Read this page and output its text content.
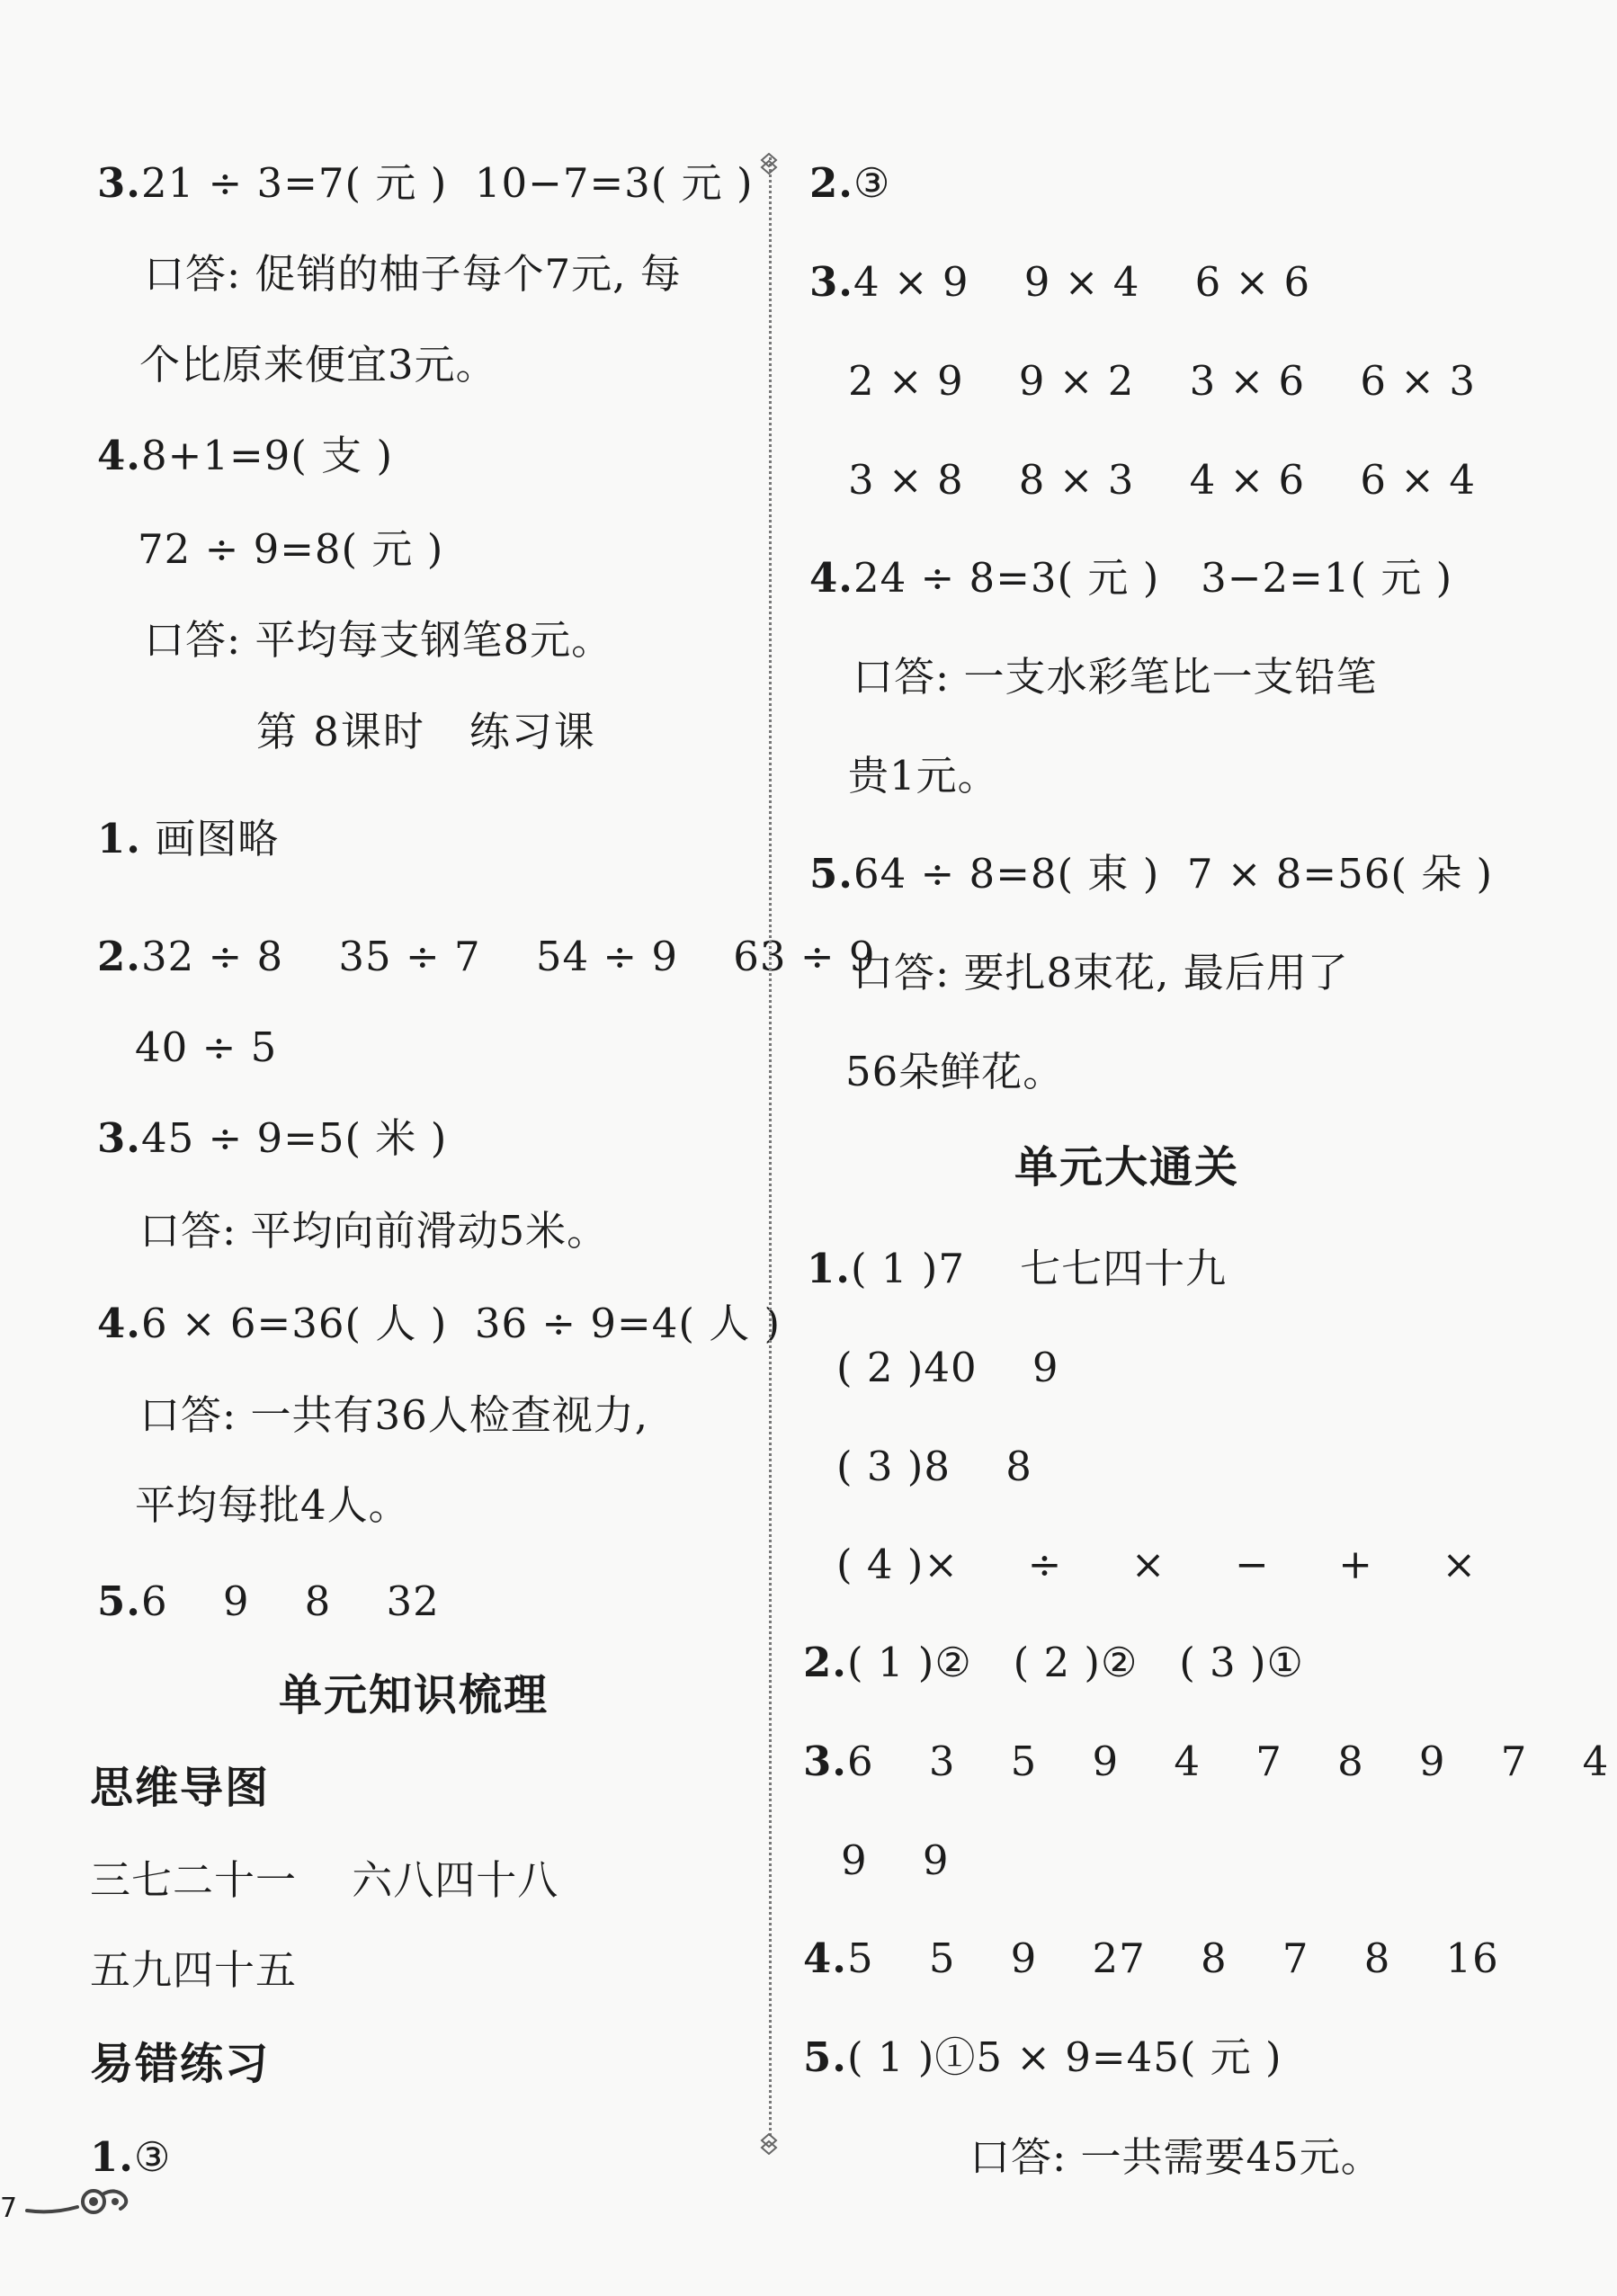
3.21 ÷ 3=7( 元 )  10−7=3( 元 )
口答: 促销的柚子每个7元, 每
个比原来便宜3元。
4.8+1=9( 支 )
72 ÷ 9=8( 元 )
口答: 平均每支钢笔8元。
第 8课时   练习课
1. 画图略
2.32 ÷ 8    35 ÷ 7    54 ÷ 9    63 ÷ 9
40 ÷ 5
3.45 ÷ 9=5( 米 )
口答: 平均向前滑动5米。
4.6 × 6=36( 人 )  36 ÷ 9=4( 人 )
口答: 一共有36人检查视力,
平均每批4人。
5.6    9    8    32
单元知识梳理
思维导图
三七二十一    六八四十八
五九四十五
易错练习
1.③
2.③
3.4 × 9    9 × 4    6 × 6
2 × 9    9 × 2    3 × 6    6 × 3
3 × 8    8 × 3    4 × 6    6 × 4
4.24 ÷ 8=3( 元 )   3−2=1( 元 )
口答: 一支水彩笔比一支铅笔
贵1元。
5.64 ÷ 8=8( 束 )  7 × 8=56( 朵 )
口答: 要扎8束花, 最后用了
56朵鲜花。
单元大通关
1.( 1 )7    七七四十九
( 2 )40    9
( 3 )8    8
( 4 )×     ÷     ×     −     +     ×
2.( 1 )②   ( 2 )②   ( 3 )①
3.6    3    5    9    4    7    8    9    7    4
9    9
4.5    5    9    27    8    7    8    16
5.( 1 )①5 × 9=45( 元 )
口答: 一共需要45元。
7
